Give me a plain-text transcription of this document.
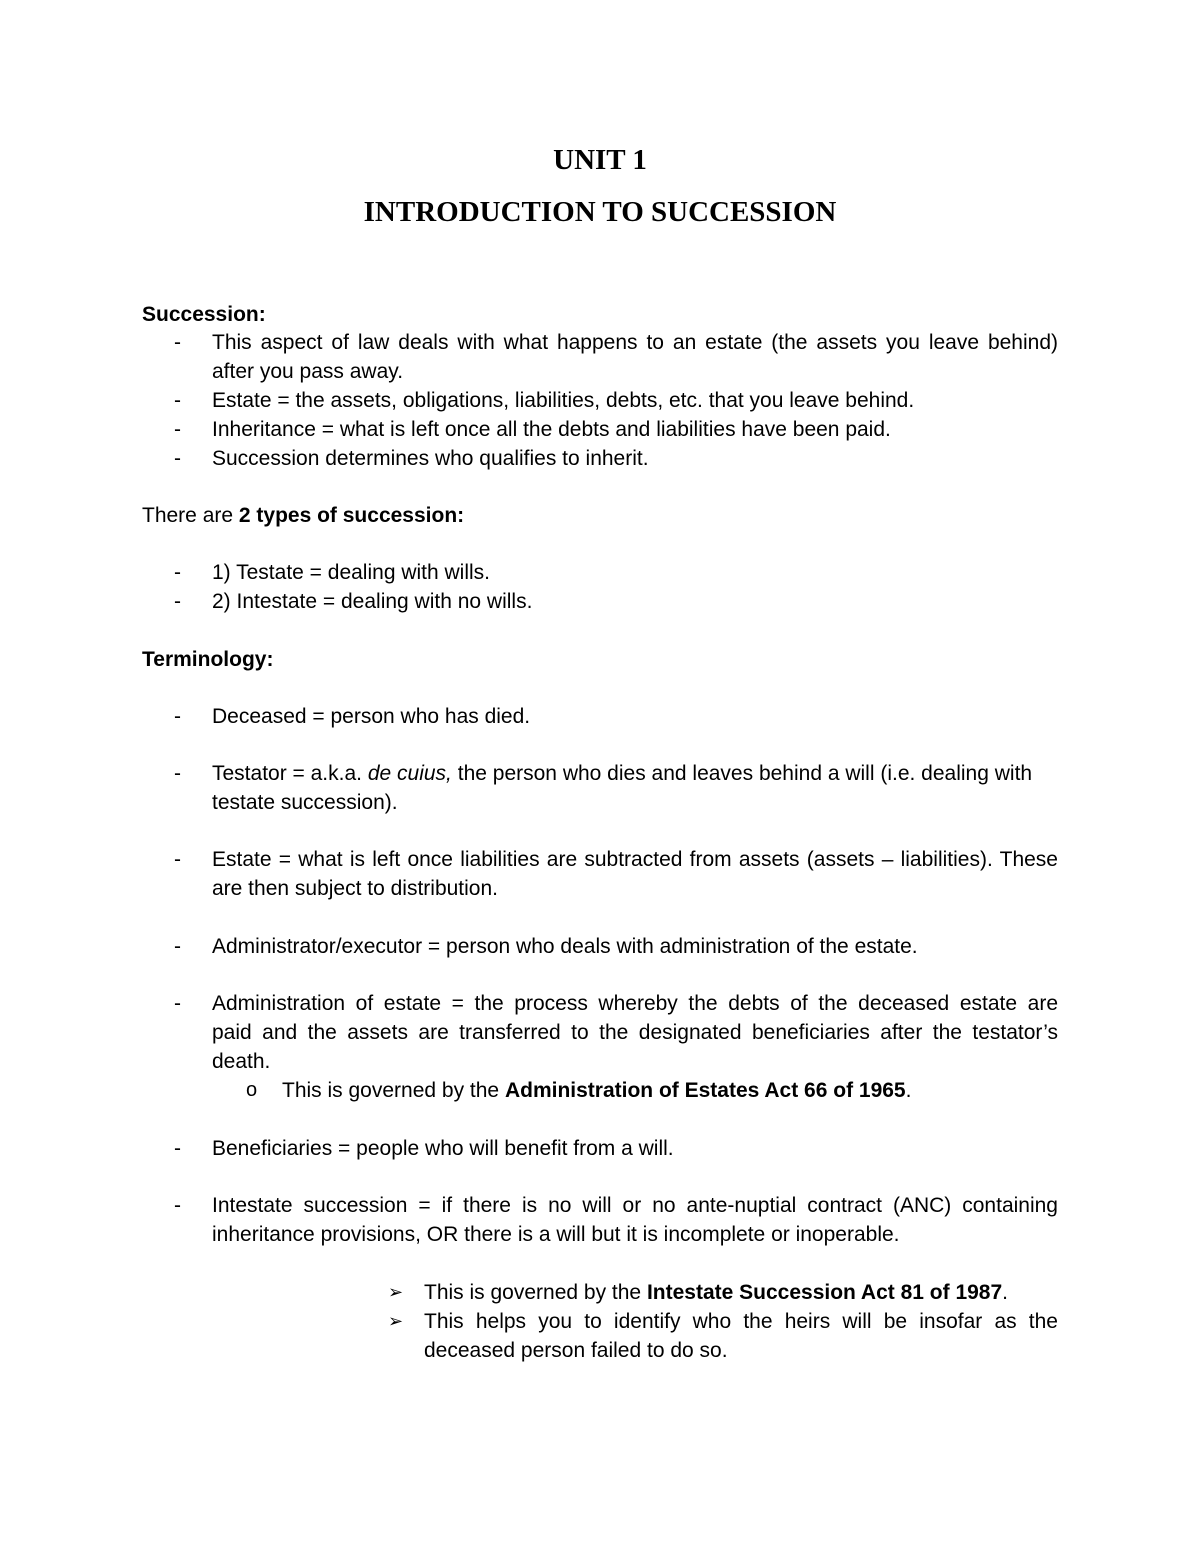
UNIT 1
INTRODUCTION TO SUCCESSION
Succession:
- This aspect of law deals with what happens to an estate (the assets you leave behind)
after you pass away.
- Estate = the assets, obligations, liabilities, debts, etc. that you leave behind.
- Inheritance = what is left once all the debts and liabilities have been paid.
- Succession determines who qualifies to inherit.
There are 2 types of succession:
- 1) Testate = dealing with wills.
- 2) Intestate = dealing with no wills.
Terminology:
- Deceased = person who has died.
- Testator = a.k.a. de cuius, the person who dies and leaves behind a will (i.e. dealing with
testate succession).
- Estate = what is left once liabilities are subtracted from assets (assets – liabilities). These
are then subject to distribution.
- Administrator/executor = person who deals with administration of the estate.
- Administration of estate = the process whereby the debts of the deceased estate are
paid and the assets are transferred to the designated beneficiaries after the testator’s
death.
o This is governed by the Administration of Estates Act 66 of 1965.
- Beneficiaries = people who will benefit from a will.
- Intestate succession = if there is no will or no ante-nuptial contract (ANC) containing
inheritance provisions, OR there is a will but it is incomplete or inoperable.
➢ This is governed by the Intestate Succession Act 81 of 1987.
➢ This helps you to identify who the heirs will be insofar as the
deceased person failed to do so.
